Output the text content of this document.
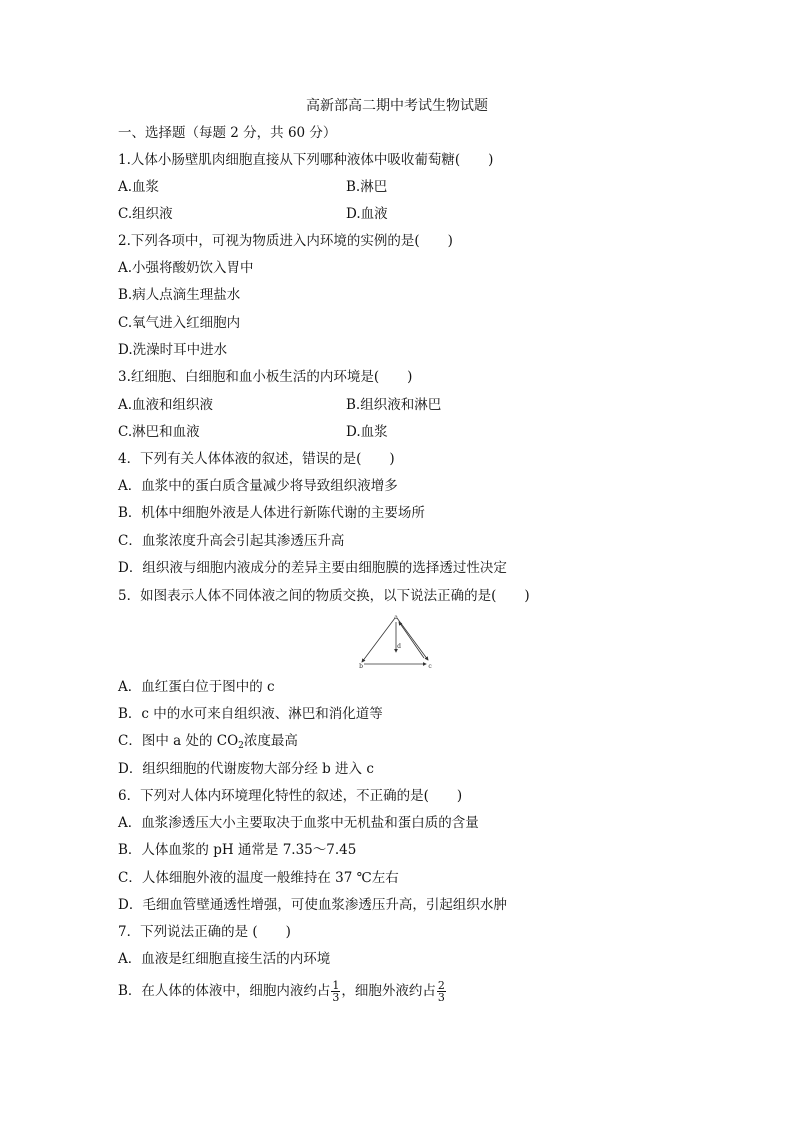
高新部高二期中考试生物试题
一、选择题（每题 2 分，共 60 分）
1.人体小肠壁肌肉细胞直接从下列哪种液体中吸收葡萄糖( )
A.血浆	B.淋巴
C.组织液	D.血液
2.下列各项中，可视为物质进入内环境的实例的是( )
A.小强将酸奶饮入胃中
B.病人点滴生理盐水
C.氧气进入红细胞内
D.洗澡时耳中进水
3.红细胞、白细胞和血小板生活的内环境是( )
A.血液和组织液	B.组织液和淋巴
C.淋巴和血液	D.血浆
4．下列有关人体体液的叙述，错误的是( )
A．血浆中的蛋白质含量减少将导致组织液增多
B．机体中细胞外液是人体进行新陈代谢的主要场所
C．血浆浓度升高会引起其渗透压升高
D．组织液与细胞内液成分的差异主要由细胞膜的选择透过性决定
5．如图表示人体不同体液之间的物质交换，以下说法正确的是( )
a
b	c
d
A．血红蛋白位于图中的 c
B．c 中的水可来自组织液、淋巴和消化道等
C．图中 a 处的 $CO_2$浓度最高
D．组织细胞的代谢废物大部分经 b 进入 c
6．下列对人体内环境理化特性的叙述，不正确的是( )
A．血浆渗透压大小主要取决于血浆中无机盐和蛋白质的含量
B．人体血浆的 pH 通常是 7.35～7.45
C．人体细胞外液的温度一般维持在 37 ℃左右
D．毛细血管壁通透性增强，可使血浆渗透压升高，引起组织水肿
7．下列说法正确的是 ( )
A．血液是红细胞直接生活的内环境
B．在人体的体液中，细胞内液约占 $\frac{1}{3}$ ，细胞外液约占 $\frac{2}{3}$
